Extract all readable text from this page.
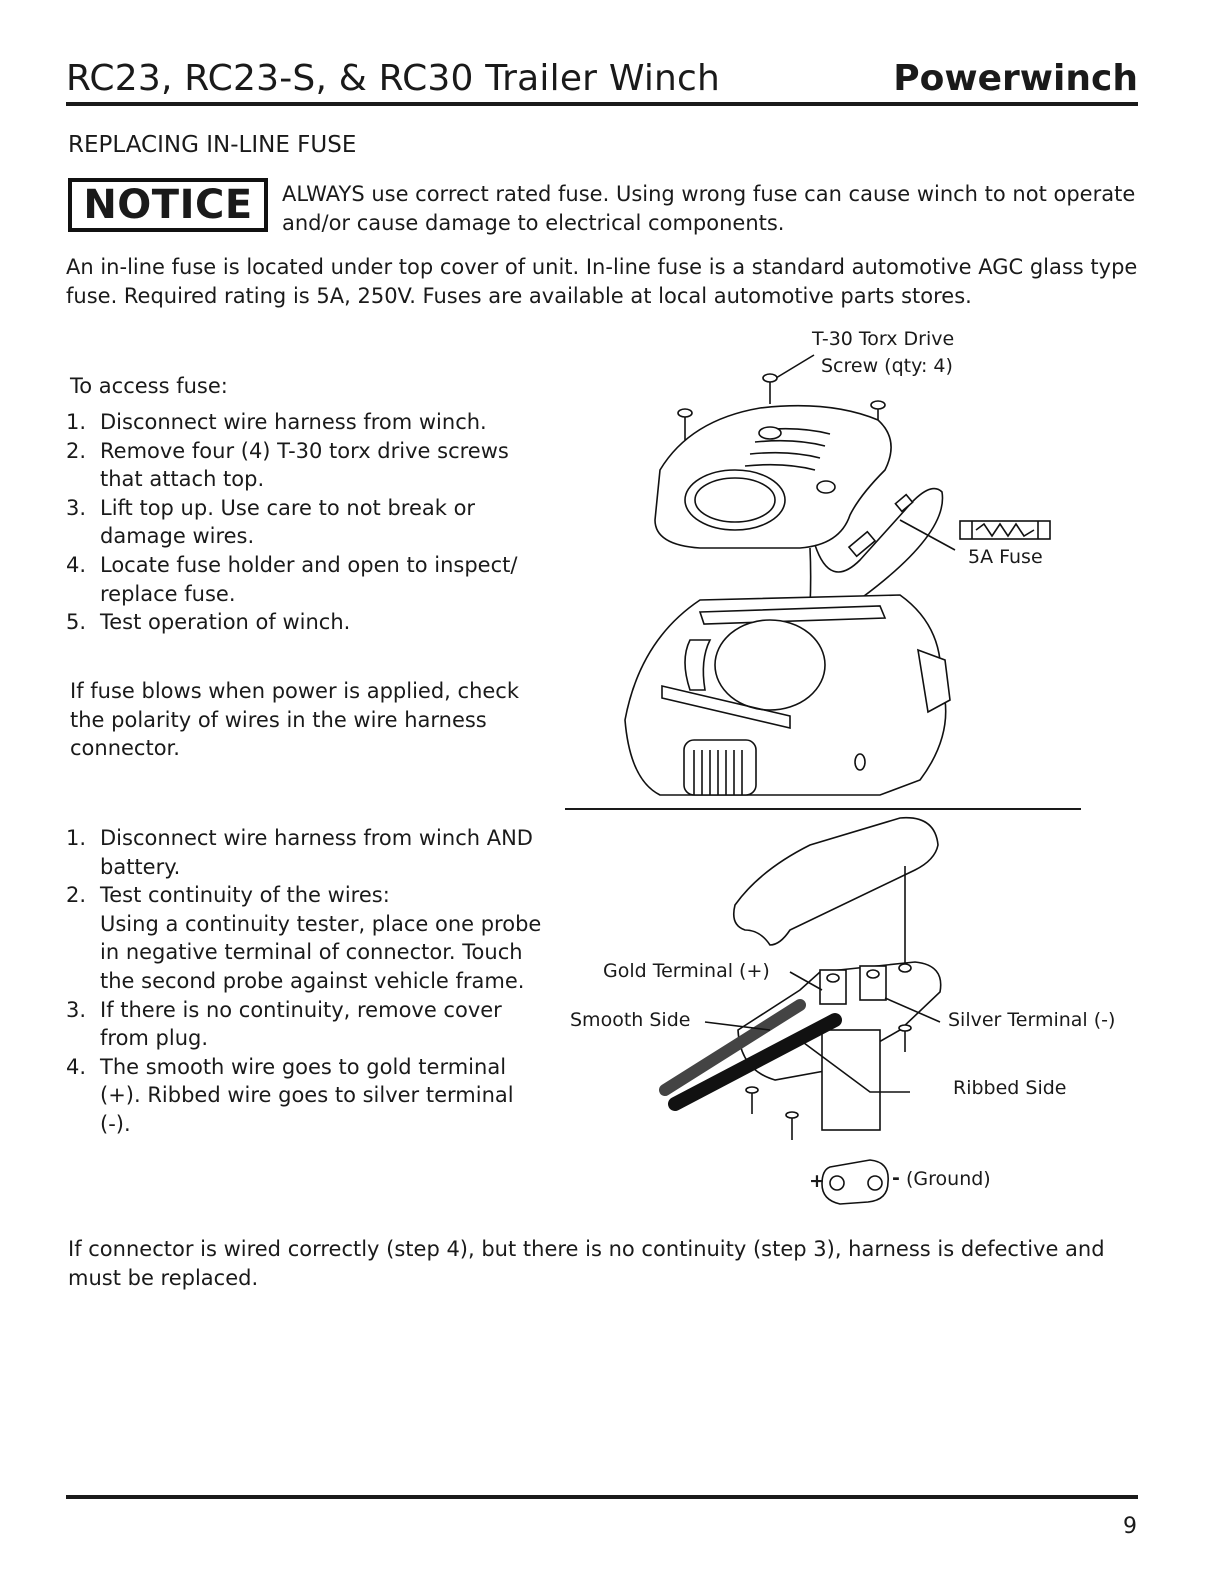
RC23, RC23-S, & RC30 Trailer Winch	Powerwinch
REPLACING IN-LINE FUSE
NOTICE	ALWAYS use correct rated fuse. Using wrong fuse can cause winch to not operate and/or cause damage to electrical components.
An in-line fuse is located under top cover of unit. In-line fuse is a standard automotive AGC glass type fuse. Required rating is 5A, 250V. Fuses are available at local automotive parts stores.
To access fuse:
1. Disconnect wire harness from winch.
2. Remove four (4) T-30 torx drive screws that attach top.
3. Lift top up. Use care to not break or damage wires.
4. Locate fuse holder and open to inspect/ replace fuse.
5. Test operation of winch.
If fuse blows when power is applied, check the polarity of wires in the wire harness connector.
1. Disconnect wire harness from winch AND battery.
2. Test continuity of the wires:
Using a continuity tester, place one probe in negative terminal of connector. Touch the second probe against vehicle frame.
3. If there is no continuity, remove cover from plug.
4. The smooth wire goes to gold terminal (+). Ribbed wire goes to silver terminal (-).
If connector is wired correctly (step 4), but there is no continuity (step 3), harness is defective and must be replaced.
T-30 Torx Drive
Screw (qty: 4)
5A Fuse
Gold Terminal (+)
Smooth Side	Silver Terminal (-)
Ribbed Side
+	- (Ground)
9
